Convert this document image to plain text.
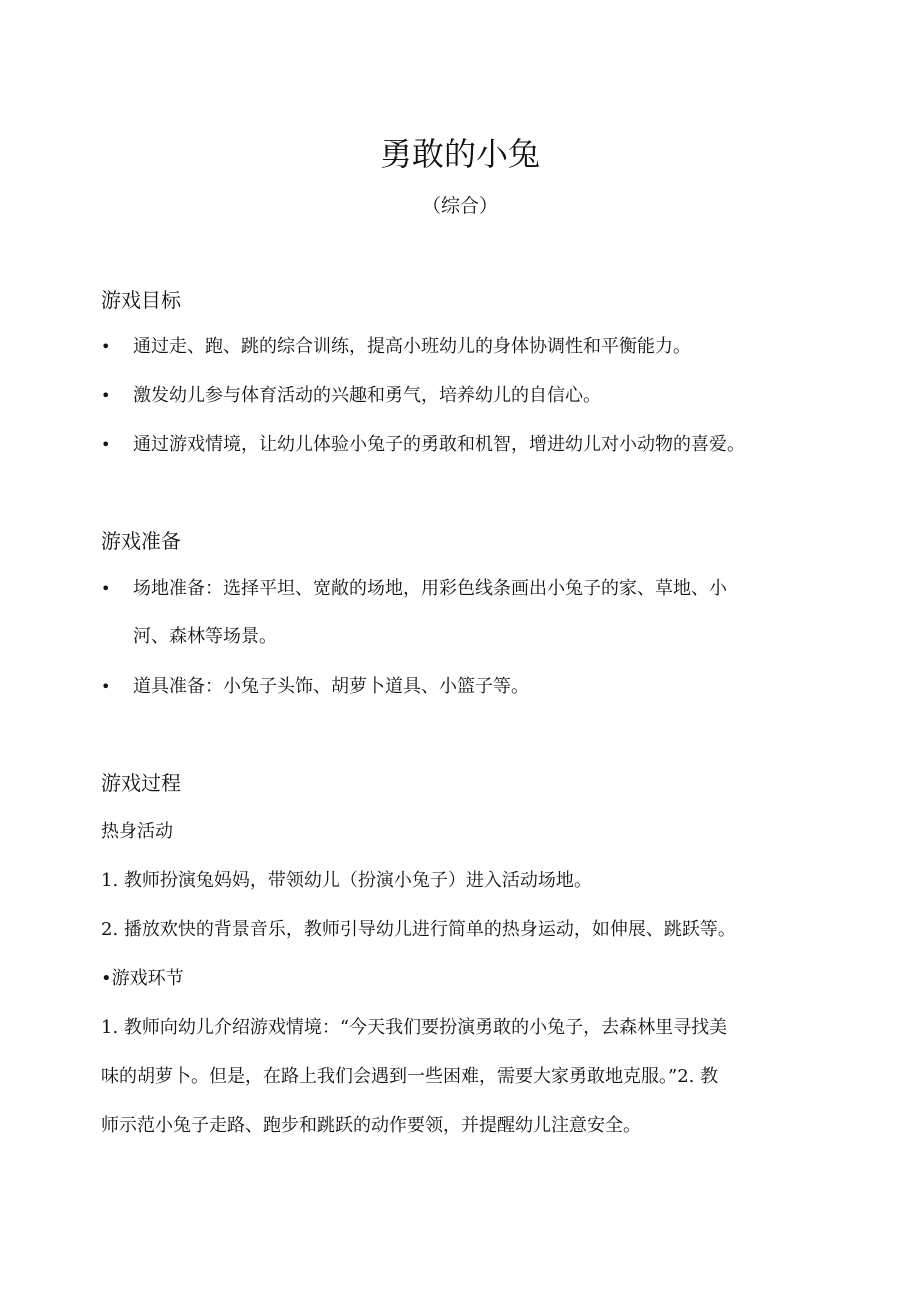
勇敢的小兔

（综合）

游戏目标
• 通过走、跑、跳的综合训练，提高小班幼儿的身体协调性和平衡能力。

• 激发幼儿参与体育活动的兴趣和勇气，培养幼儿的自信心。

• 通过游戏情境，让幼儿体验小兔子的勇敢和机智，增进幼儿对小动物的喜爱。

游戏准备
• 场地准备：选择平坦、宽敞的场地，用彩色线条画出小兔子的家、草地、小

河、森林等场景。

• 道具准备：小兔子头饰、胡萝卜道具、小篮子等。

游戏过程

热身活动

1. 教师扮演兔妈妈，带领幼儿（扮演小兔子）进入活动场地。

2. 播放欢快的背景音乐，教师引导幼儿进行简单的热身运动，如伸展、跳跃等。

•游戏环节

1. 教师向幼儿介绍游戏情境：“今天我们要扮演勇敢的小兔子，去森林里寻找美

味的胡萝卜。但是，在路上我们会遇到一些困难，需要大家勇敢地克服。”2. 教

师示范小兔子走路、跑步和跳跃的动作要领，并提醒幼儿注意安全。
